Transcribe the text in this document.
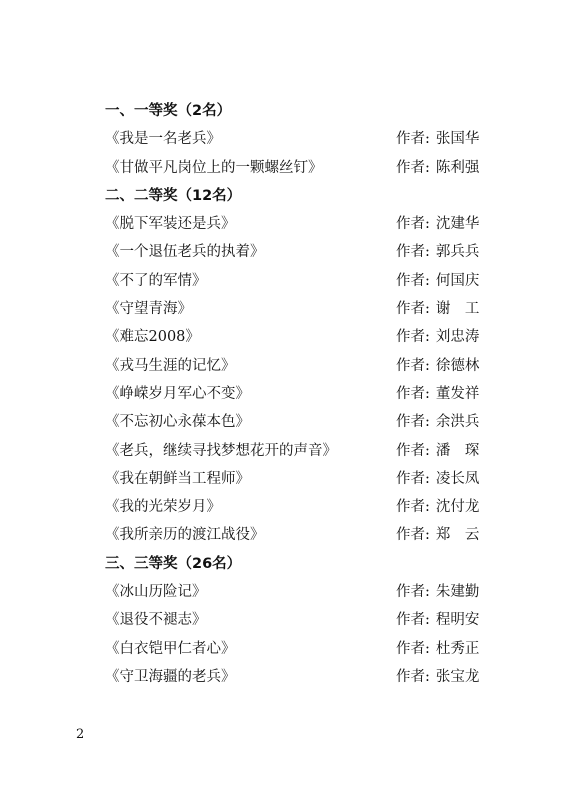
一、一等奖（2名）
《我是一名老兵》	作者: 张国华
《甘做平凡岗位上的一颗螺丝钉》	作者: 陈利强
二、二等奖（12名）
《脱下军装还是兵》	作者: 沈建华
《一个退伍老兵的执着》	作者: 郭兵兵
《不了的军情》	作者: 何国庆
《守望青海》	作者: 谢　工
《难忘2008》	作者: 刘忠涛
《戎马生涯的记忆》	作者: 徐德林
《峥嵘岁月军心不变》	作者: 董发祥
《不忘初心永葆本色》	作者: 余洪兵
《老兵，继续寻找梦想花开的声音》	作者: 潘　琛
《我在朝鲜当工程师》	作者: 凌长凤
《我的光荣岁月》	作者: 沈付龙
《我所亲历的渡江战役》	作者: 郑　云
三、三等奖（26名）
《冰山历险记》	作者: 朱建勤
《退役不褪志》	作者: 程明安
《白衣铠甲仁者心》	作者: 杜秀正
《守卫海疆的老兵》	作者: 张宝龙
2
